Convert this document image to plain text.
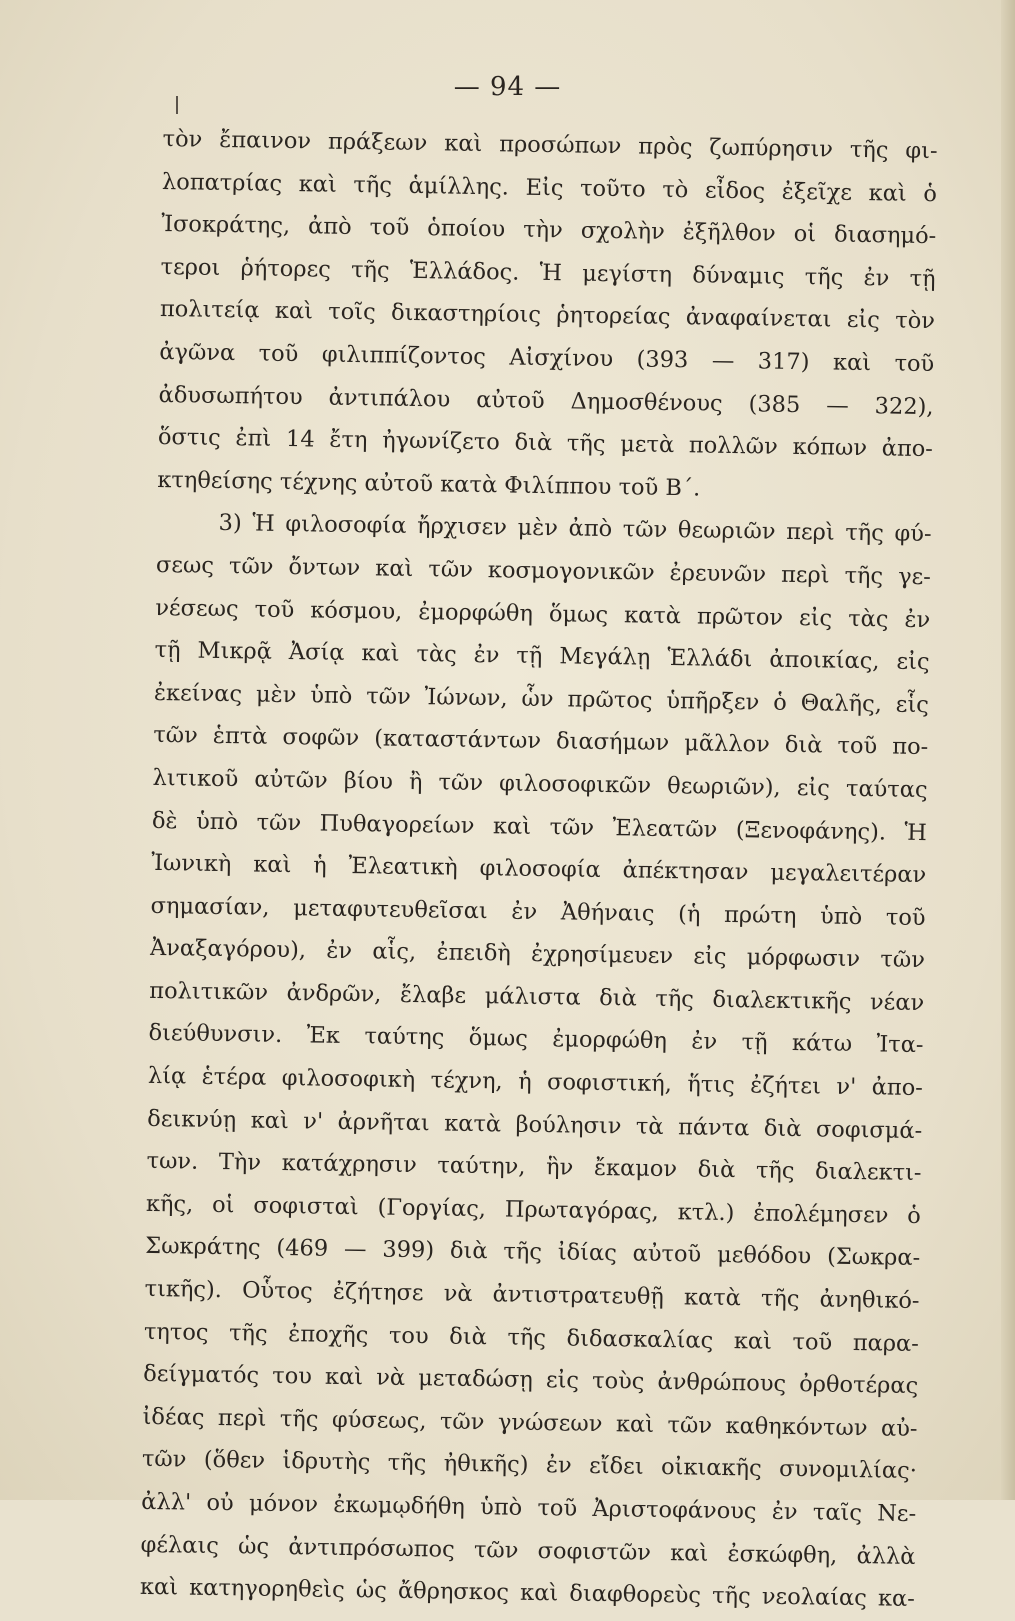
— 94 —
τὸν ἔπαινον πράξεων καὶ προσώπων πρὸς ζωπύρησιν τῆς φι-
λοπατρίας καὶ τῆς ἁμίλλης. Εἰς τοῦτο τὸ εἶδος ἐξεῖχε καὶ ὁ
Ἰσοκράτης, ἀπὸ τοῦ ὁποίου τὴν σχολὴν ἐξῆλθον οἱ διασημό-
τεροι ῥήτορες τῆς Ἑλλάδος. Ἡ μεγίστη δύναμις τῆς ἐν τῇ
πολιτείᾳ καὶ τοῖς δικαστηρίοις ῥητορείας ἀναφαίνεται εἰς τὸν
ἀγῶνα τοῦ φιλιππίζοντος Αἰσχίνου (393 — 317) καὶ τοῦ
ἀδυσωπήτου ἀντιπάλου αὐτοῦ Δημοσθένους (385 — 322),
ὅστις ἐπὶ 14 ἔτη ἠγωνίζετο διὰ τῆς μετὰ πολλῶν κόπων ἀπο-
κτηθείσης τέχνης αὐτοῦ κατὰ Φιλίππου τοῦ Β΄.
3) Ἡ φιλοσοφία ἤρχισεν μὲν ἀπὸ τῶν θεωριῶν περὶ τῆς φύ-
σεως τῶν ὄντων καὶ τῶν κοσμογονικῶν ἐρευνῶν περὶ τῆς γε-
νέσεως τοῦ κόσμου, ἐμορφώθη ὅμως κατὰ πρῶτον εἰς τὰς ἐν
τῇ Μικρᾷ Ἀσίᾳ καὶ τὰς ἐν τῇ Μεγάλῃ Ἑλλάδι ἀποικίας, εἰς
ἐκείνας μὲν ὑπὸ τῶν Ἰώνων, ὧν πρῶτος ὑπῆρξεν ὁ Θαλῆς, εἷς
τῶν ἑπτὰ σοφῶν (καταστάντων διασήμων μᾶλλον διὰ τοῦ πο-
λιτικοῦ αὐτῶν βίου ἢ τῶν φιλοσοφικῶν θεωριῶν), εἰς ταύτας
δὲ ὑπὸ τῶν Πυθαγορείων καὶ τῶν Ἐλεατῶν (Ξενοφάνης). Ἡ
Ἰωνικὴ καὶ ἡ Ἐλεατικὴ φιλοσοφία ἀπέκτησαν μεγαλειτέραν
σημασίαν, μεταφυτευθεῖσαι ἐν Ἀθήναις (ἡ πρώτη ὑπὸ τοῦ
Ἀναξαγόρου), ἐν αἷς, ἐπειδὴ ἐχρησίμευεν εἰς μόρφωσιν τῶν
πολιτικῶν ἀνδρῶν, ἔλαβε μάλιστα διὰ τῆς διαλεκτικῆς νέαν
διεύθυνσιν. Ἐκ ταύτης ὅμως ἐμορφώθη ἐν τῇ κάτω Ἰτα-
λίᾳ ἑτέρα φιλοσοφικὴ τέχνη, ἡ σοφιστική, ἥτις ἐζήτει ν' ἀπο-
δεικνύῃ καὶ ν' ἀρνῆται κατὰ βούλησιν τὰ πάντα διὰ σοφισμά-
των. Τὴν κατάχρησιν ταύτην, ἣν ἔκαμον διὰ τῆς διαλεκτι-
κῆς, οἱ σοφισταὶ (Γοργίας, Πρωταγόρας, κτλ.) ἐπολέμησεν ὁ
Σωκράτης (469 — 399) διὰ τῆς ἰδίας αὐτοῦ μεθόδου (Σωκρα-
τικῆς). Οὗτος ἐζήτησε νὰ ἀντιστρατευθῇ κατὰ τῆς ἀνηθικό-
τητος τῆς ἐποχῆς του διὰ τῆς διδασκαλίας καὶ τοῦ παρα-
δείγματός του καὶ νὰ μεταδώσῃ εἰς τοὺς ἀνθρώπους ὀρθοτέρας
ἰδέας περὶ τῆς φύσεως, τῶν γνώσεων καὶ τῶν καθηκόντων αὐ-
τῶν (ὅθεν ἱδρυτὴς τῆς ἠθικῆς) ἐν εἴδει οἰκιακῆς συνομιλίας·
ἀλλ' οὐ μόνον ἐκωμῳδήθη ὑπὸ τοῦ Ἀριστοφάνους ἐν ταῖς Νε-
φέλαις ὡς ἀντιπρόσωπος τῶν σοφιστῶν καὶ ἐσκώφθη, ἀλλὰ
καὶ κατηγορηθεὶς ὡς ἄθρησκος καὶ διαφθορεὺς τῆς νεολαίας κα-
